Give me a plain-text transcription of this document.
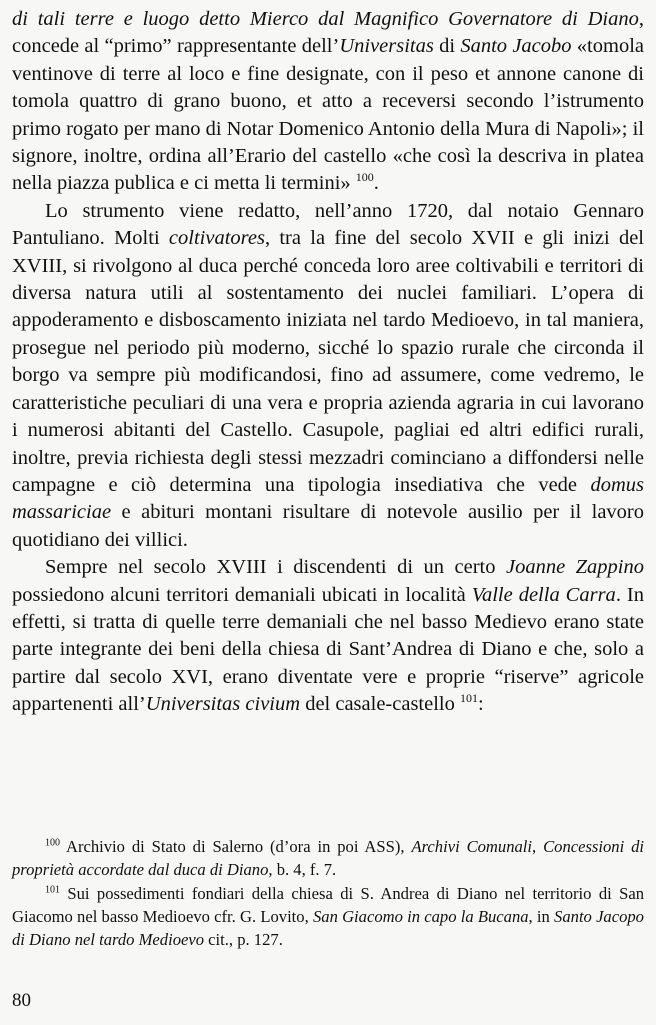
di tali terre e luogo detto Mierco dal Magnifico Governatore di Diano, concede al “primo” rappresentante dell’Universitas di Santo Jacobo «tomola ventinove di terre al loco e fine designate, con il peso et annone canone di tomola quattro di grano buono, et atto a receversi secondo l’istrumento primo rogato per mano di Notar Domenico Antonio della Mura di Napoli»; il signore, inoltre, ordina all’Erario del castello «che così la descriva in platea nella piazza publica e ci metta li termini» $^{100}$.

Lo strumento viene redatto, nell’anno 1720, dal notaio Gennaro Pantuliano. Molti coltivatores, tra la fine del secolo XVII e gli inizi del XVIII, si rivolgono al duca perché conceda loro aree coltivabili e territori di diversa natura utili al sostentamento dei nuclei familiari. L’opera di appoderamento e disboscamento iniziata nel tardo Medioevo, in tal maniera, prosegue nel periodo più moderno, sicché lo spazio rurale che circonda il borgo va sempre più modificandosi, fino ad assumere, come vedremo, le caratteristiche peculiari di una vera e propria azienda agraria in cui lavorano i numerosi abitanti del Castello. Casupole, pagliai ed altri edifici rurali, inoltre, previa richiesta degli stessi mezzadri cominciano a diffondersi nelle campagne e ciò determina una tipologia insediativa che vede domus massariciae e abituri montani risultare di notevole ausilio per il lavoro quotidiano dei villici.

Sempre nel secolo XVIII i discendenti di un certo Joanne Zappino possiedono alcuni territori demaniali ubicati in località Valle della Carra. In effetti, si tratta di quelle terre demaniali che nel basso Medievo erano state parte integrante dei beni della chiesa di Sant’Andrea di Diano e che, solo a partire dal secolo XVI, erano diventate vere e proprie “riserve” agricole appartenenti all’Universitas civium del casale-castello $^{101}$:

$^{100}$ Archivio di Stato di Salerno (d’ora in poi ASS), Archivi Comunali, Concessioni di proprietà accordate dal duca di Diano, b. 4, f. 7.

$^{101}$ Sui possedimenti fondiari della chiesa di S. Andrea di Diano nel territorio di San Giacomo nel basso Medioevo cfr. G. Lovito, San Giacomo in capo la Bucana, in Santo Jacopo di Diano nel tardo Medioevo cit., p. 127.

80
